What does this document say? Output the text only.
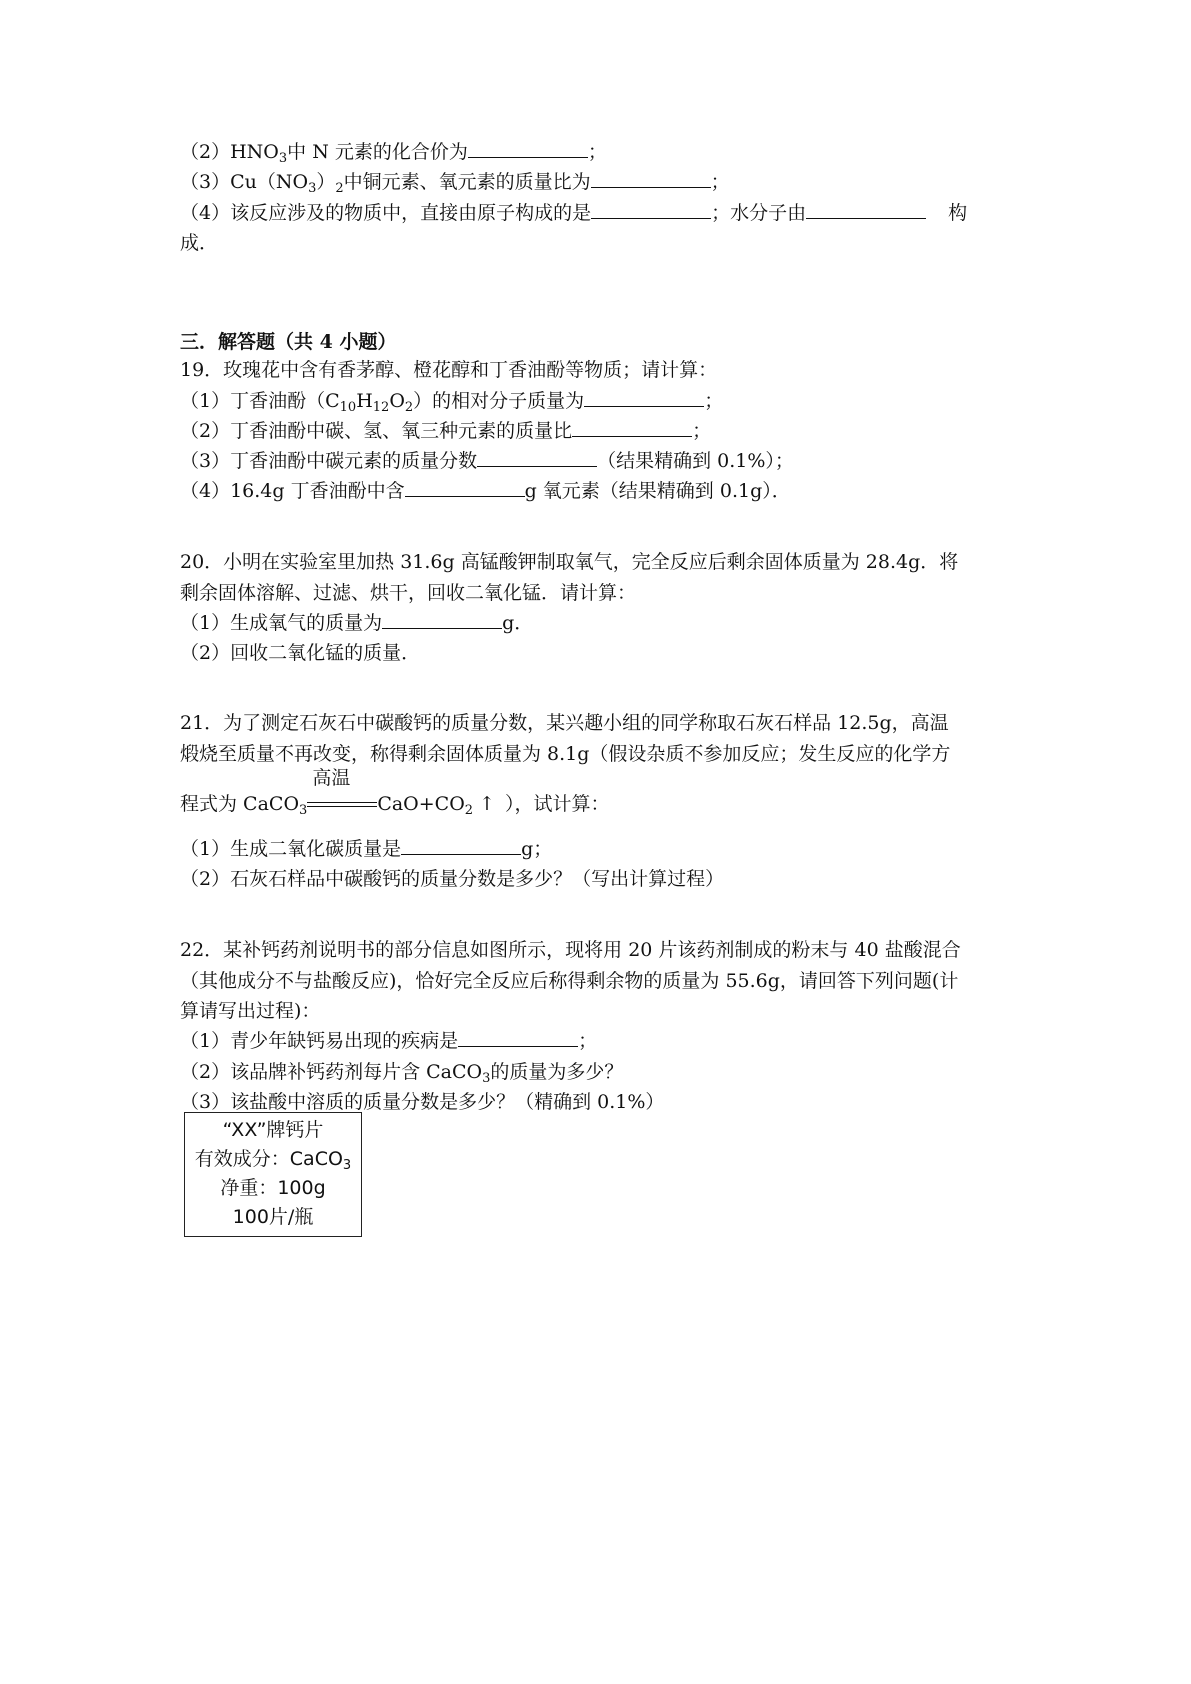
$(2)HNO_3$中 N 元素的化合价为	；
$(3)Cu(NO_3)_2$中铜元素、氧元素的质量比为	；
（4）该反应涉及的物质中，直接由原子构成的是	；水分子由	构
成．
三．解答题（共 4 小题）
19．玫瑰花中含有香茅醇、橙花醇和丁香油酚等物质；请计算：
（1）丁香油酚$(C_{10}H_{12}O_2)$的相对分子质量为	；
（2）丁香油酚中碳、氢、氧三种元素的质量比	；
（3）丁香油酚中碳元素的质量分数	（结果精确到 0.1%）；
（4）16.4g 丁香油酚中含	g 氧元素（结果精确到 0.1g）．
20．小明在实验室里加热 31.6g 高锰酸钾制取氧气，完全反应后剩余固体质量为 28.4g．将
剩余固体溶解、过滤、烘干，回收二氧化锰．请计算：
（1）生成氧气的质量为	g．
（2）回收二氧化锰的质量．
21．为了测定石灰石中碳酸钙的质量分数，某兴趣小组的同学称取石灰石样品 12.5g，高温
煅烧至质量不再改变，称得剩余固体质量为 8.1g（假设杂质不参加反应；发生反应的化学方
程式为 CaCO$_3$
高温
$CaO+CO_2$ ↑ ），试计算：
（1）生成二氧化碳质量是	g；
（2）石灰石样品中碳酸钙的质量分数是多少？（写出计算过程）
22．某补钙药剂说明书的部分信息如图所示，现将用 20 片该药剂制成的粉末与 40 盐酸混合
（其他成分不与盐酸反应)，恰好完全反应后称得剩余物的质量为 55.6g，请回答下列问题(计
算请写出过程)：
（1）青少年缺钙易出现的疾病是	；
（2）该品牌补钙药剂每片含 CaCO$_3$的质量为多少？
（3）该盐酸中溶质的质量分数是多少？（精确到 0.1%）
“XX”牌钙片
有效成分：CaCO$_3$
净重：100g
100片/瓶
